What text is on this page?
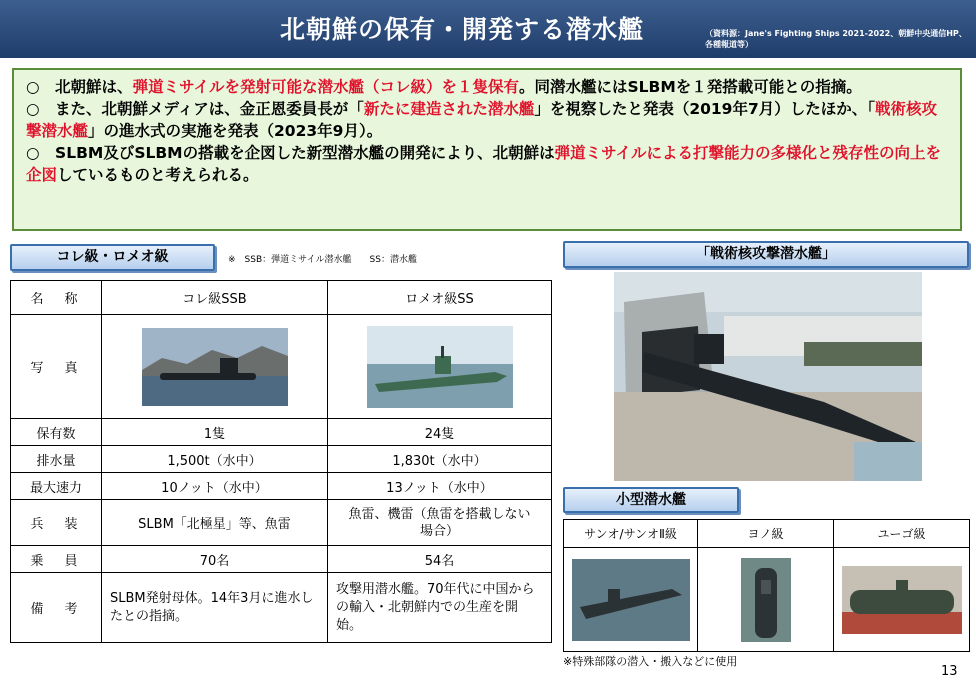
北朝鮮の保有・開発する潜水艦	（資料源：Jane's Fighting Ships 2021-2022、朝鮮中央通信HP、各種報道等）

○　 北朝鮮は、弾道ミサイルを発射可能な潜水艦（コレ級）を１隻保有。同潜水艦にはSLBMを１発搭載可能との指摘。

○　 また、北朝鮮メディアは、金正恩委員長が「新たに建造された潜水艦」を視察したと発表（2019年7月）したほか、「戦術核攻撃潜水艦」の進水式の実施を発表（2023年9月）。

○　 SLBM及びSLBMの搭載を企図した新型潜水艦の開発により、北朝鮮は弾道ミサイルによる打撃能力の多様化と残存性の向上を企図しているものと考えられる。

コレ級・ロメオ級	※　SSB：弾道ミサイル潜水艦　　SS：潜水艦
名　称	コレ級SSB	ロメオ級SS
写　真	

保有数	1隻	24隻
排水量	1,500t（水中）	1,830t（水中）
最大速力	10ノット（水中）	13ノット（水中）
兵　装	SLBM「北極星」等、魚雷	魚雷、機雷（魚雷を搭載しない場合）
乗　員	70名	54名
備　考	SLBM発射母体。14年3月に進水したとの指摘。	攻撃用潜水艦。70年代に中国からの輸入・北朝鮮内での生産を開始。
「戦術核攻撃潜水艦」
小型潜水艦
サンオ/サンオⅡ級	ヨノ級	ユーゴ級

※特殊部隊の潜入・搬入などに使用
13
